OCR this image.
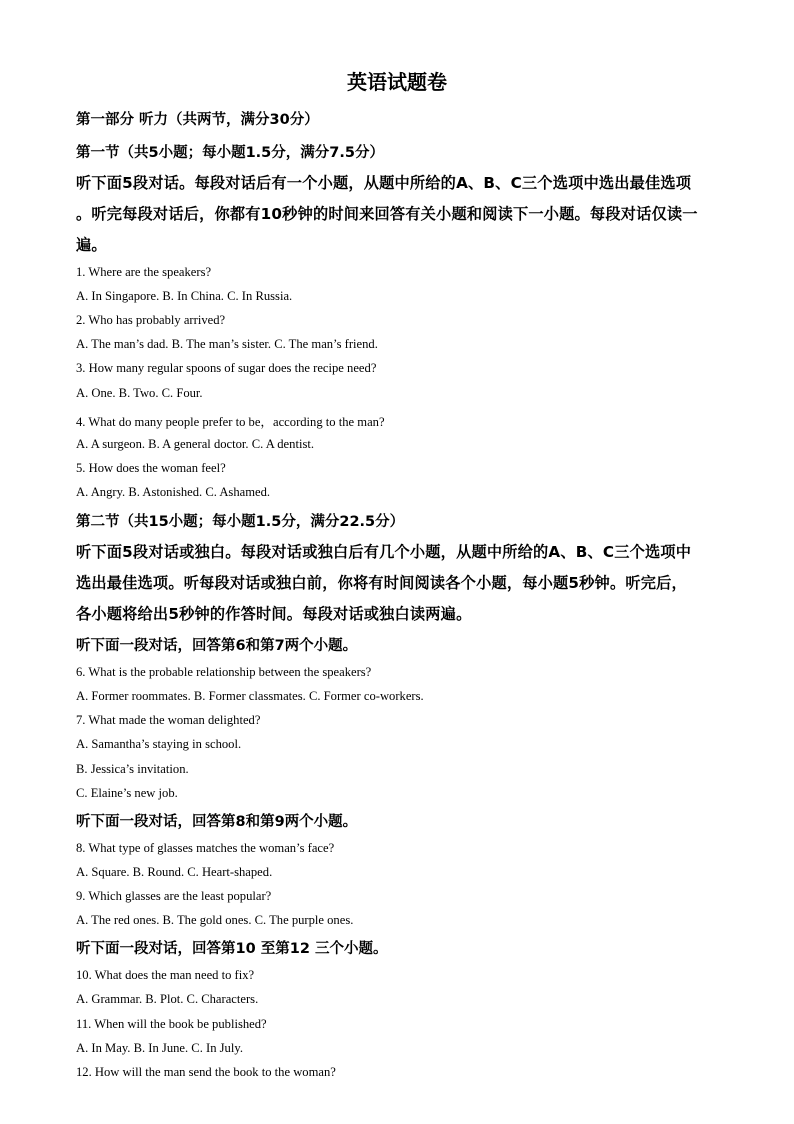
英语试题卷
第一部分 听力（共两节，满分30分）
第一节（共5小题；每小题1.5分，满分7.5分）
听下面5段对话。每段对话后有一个小题，从题中所给的A、B、C三个选项中选出最佳选项
。听完每段对话后，你都有10秒钟的时间来回答有关小题和阅读下一小题。每段对话仅读一
遍。
1. Where are the speakers?
A. In Singapore. B. In China. C. In Russia.
2. Who has probably arrived?
A. The man’s dad. B. The man’s sister. C. The man’s friend.
3. How many regular spoons of sugar does the recipe need?
A. One. B. Two. C. Four.
4. What do many people prefer to be，according to the man?
A. A surgeon. B. A general doctor. C. A dentist.
5. How does the woman feel?
A. Angry. B. Astonished. C. Ashamed.
第二节（共15小题；每小题1.5分，满分22.5分）
听下面5段对话或独白。每段对话或独白后有几个小题，从题中所给的A、B、C三个选项中
选出最佳选项。听每段对话或独白前，你将有时间阅读各个小题，每小题5秒钟。听完后，
各小题将给出5秒钟的作答时间。每段对话或独白读两遍。
听下面一段对话，回答第6和第7两个小题。
6. What is the probable relationship between the speakers?
A. Former roommates. B. Former classmates. C. Former co-workers.
7. What made the woman delighted?
A. Samantha’s staying in school.
B. Jessica’s invitation.
C. Elaine’s new job.
听下面一段对话，回答第8和第9两个小题。
8. What type of glasses matches the woman’s face?
A. Square. B. Round. C. Heart-shaped.
9. Which glasses are the least popular?
A. The red ones. B. The gold ones. C. The purple ones.
听下面一段对话，回答第10 至第12 三个小题。
10. What does the man need to fix?
A. Grammar. B. Plot. C. Characters.
11. When will the book be published?
A. In May. B. In June. C. In July.
12. How will the man send the book to the woman?
